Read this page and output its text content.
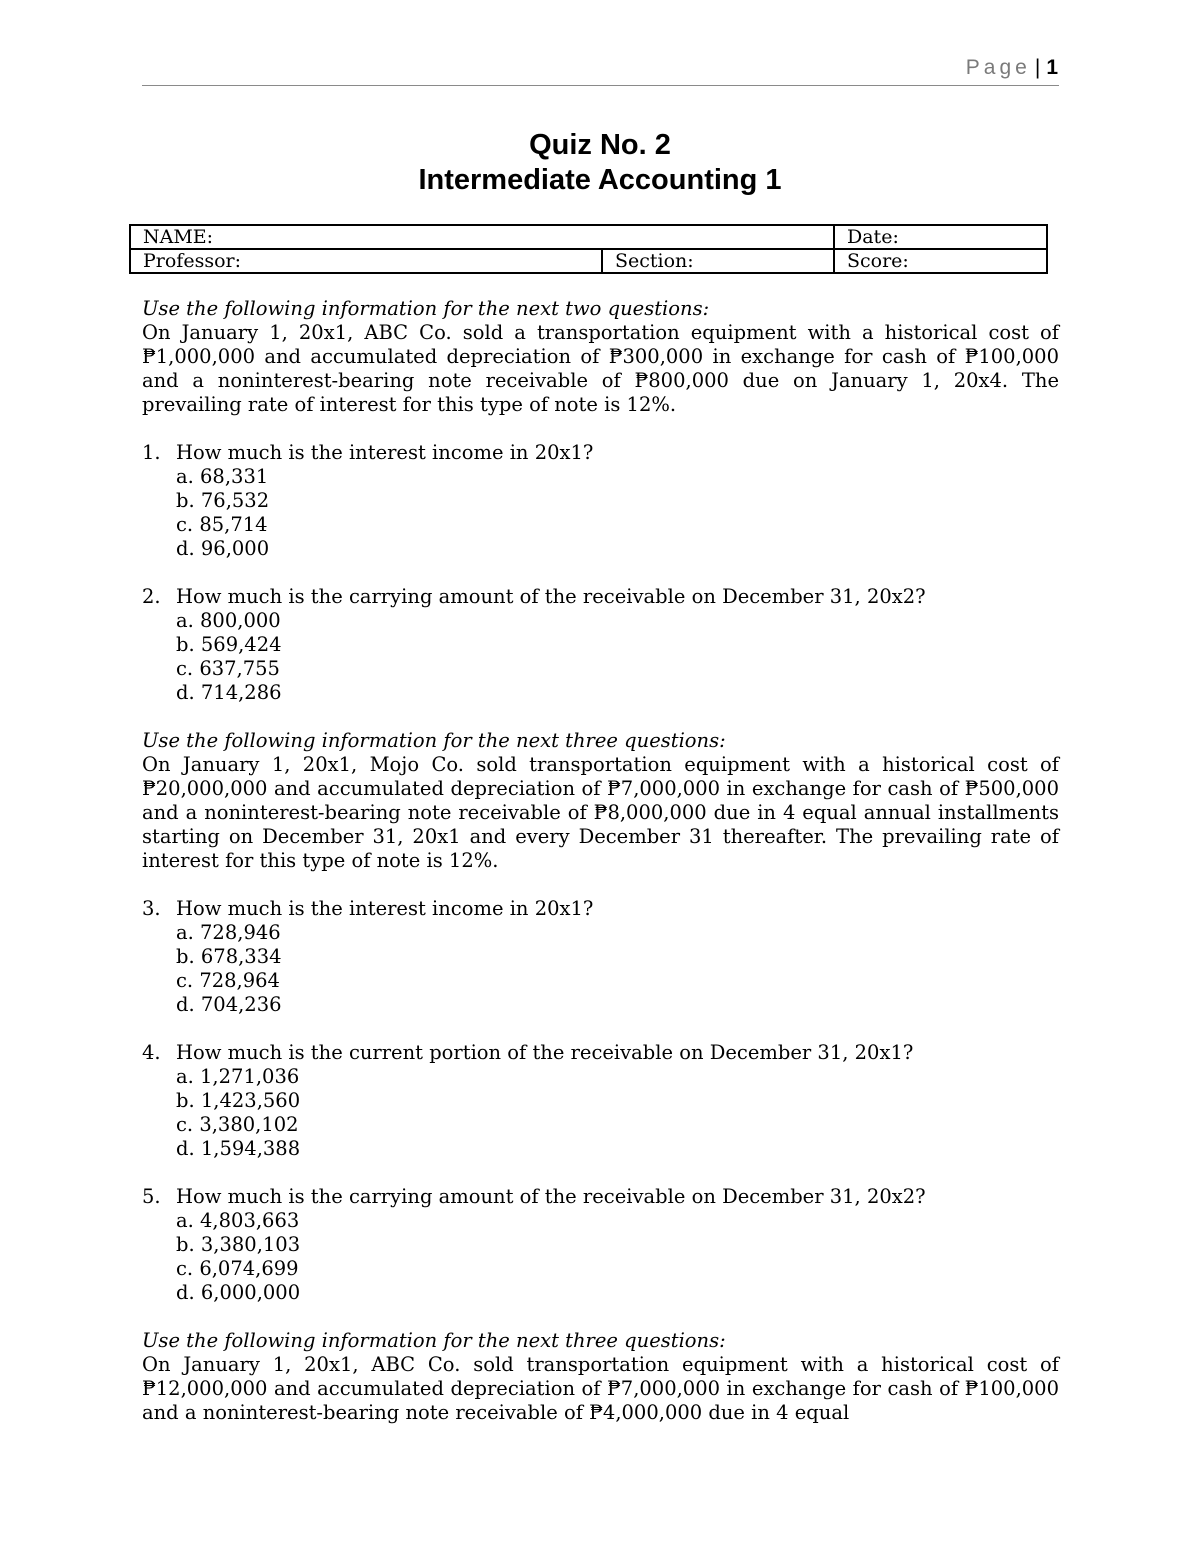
Page | 1
Quiz No. 2
Intermediate Accounting 1
NAME:		Date:
Professor:	Section:	Score:

Use the following information for the next two questions:

On January 1, 20x1, ABC Co. sold a transportation equipment with a historical cost of ₱1,000,000 and accumulated depreciation of ₱300,000 in exchange for cash of ₱100,000 and a noninterest-bearing note receivable of ₱800,000 due on January 1, 20x4. The prevailing rate of interest for this type of note is 12%.

1. How much is the interest income in 20x1?
a. 68,331
b. 76,532
c. 85,714
d. 96,000
2. How much is the carrying amount of the receivable on December 31, 20x2?
a. 800,000
b. 569,424
c. 637,755
d. 714,286

Use the following information for the next three questions:

On January 1, 20x1, Mojo Co. sold transportation equipment with a historical cost of ₱20,000,000 and accumulated depreciation of ₱7,000,000 in exchange for cash of ₱500,000 and a noninterest-bearing note receivable of ₱8,000,000 due in 4 equal annual installments starting on December 31, 20x1 and every December 31 thereafter. The prevailing rate of interest for this type of note is 12%.

3. How much is the interest income in 20x1?
a. 728,946
b. 678,334
c. 728,964
d. 704,236
4. How much is the current portion of the receivable on December 31, 20x1?
a. 1,271,036
b. 1,423,560
c. 3,380,102
d. 1,594,388
5. How much is the carrying amount of the receivable on December 31, 20x2?
a. 4,803,663
b. 3,380,103
c. 6,074,699
d. 6,000,000

Use the following information for the next three questions:

On January 1, 20x1, ABC Co. sold transportation equipment with a historical cost of ₱12,000,000 and accumulated depreciation of ₱7,000,000 in exchange for cash of ₱100,000 and a noninterest-bearing note receivable of ₱4,000,000 due in 4 equal
